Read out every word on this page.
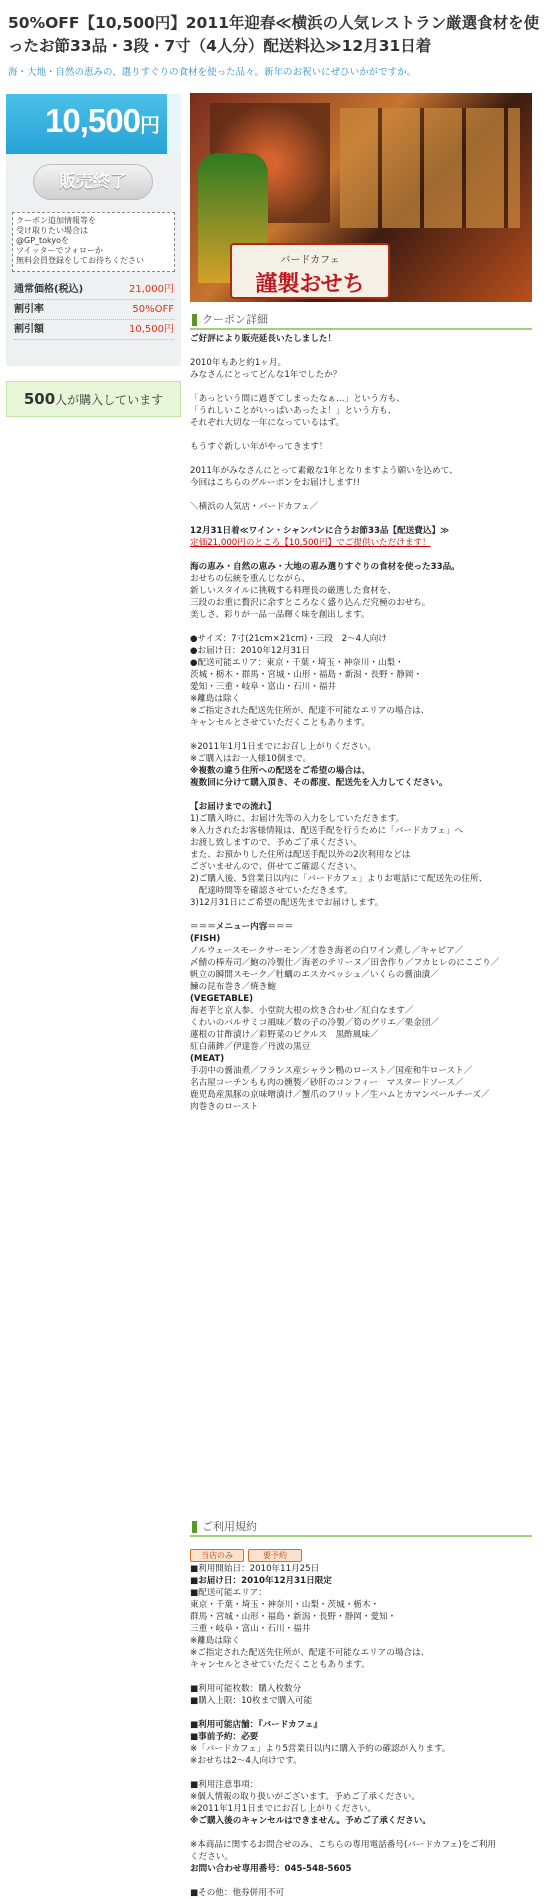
50%OFF【10,500円】2011年迎春≪横浜の人気レストラン厳選食材を使ったお節33品・3段・7寸（4人分）配送料込≫12月31日着
海・大地・自然の恵みの、選りすぐりの食材を使った品々。新年のお祝いにぜひいかがですか。
10,500円
販売終了
クーポン追加情報等を
受け取りたい場合は
@GP_tokyoを
ツイッターでフォローか
無料会員登録をしてお待ちください
通常価格(税込)	21,000円
割引率	50%OFF
割引額	10,500円
500人が購入しています
バードカフェ
謹製おせち
クーポン詳細
ご好評により販売延長いたしました！
2010年もあと約1ヶ月。
みなさんにとってどんな1年でしたか？
「あっという間に過ぎてしまったなぁ…」という方も、
「うれしいことがいっぱいあったよ！」という方も、
それぞれ大切な一年になっているはず。
もうすぐ新しい年がやってきます！
2011年がみなさんにとって素敵な1年となりますよう願いを込めて、
今回はこちらのグルーポンをお届けします!!
＼横浜の人気店・バードカフェ／
12月31日着≪ワイン・シャンパンに合うお節33品【配送費込】≫
定価21,000円のところ【10,500円】でご提供いただけます！
海の恵み・自然の恵み・大地の恵み選りすぐりの食材を使った33品。
おせちの伝統を重んじながら、
新しいスタイルに挑戦する料理長の厳選した食材を、
三段のお重に贅沢に余すところなく盛り込んだ究極のおせち。
美しさ、彩りが一品一品輝く味を創出します。
●サイズ：7寸(21cm×21cm)・三段　2〜4人向け
●お届け日：2010年12月31日
●配送可能エリア：東京・千葉・埼玉・神奈川・山梨・
茨城・栃木・群馬・宮城・山形・福島・新潟・長野・静岡・
愛知・三重・岐阜・富山・石川・福井
※離島は除く
※ご指定された配送先住所が、配達不可能なエリアの場合は、
キャンセルとさせていただくこともあります。
※2011年1月1日までにお召し上がりください。
※ご購入はお一人様10個まで。
※複数の違う住所への配送をご希望の場合は、
複数回に分けて購入頂き、その都度、配送先を入力してください。
【お届けまでの流れ】
1)ご購入時に、お届け先等の入力をしていただきます。
※入力されたお客様情報は、配送手配を行うために「バードカフェ」へ
お渡し致しますので、予めご了承ください。
また、お預かりした住所は配送手配以外の2次利用などは
ございませんので、併せてご確認ください。
2)ご購入後、5営業日以内に「バードカフェ」よりお電話にて配送先の住所、
　配達時間等を確認させていただきます。
3)12月31日にご希望の配送先までお届けします。
＝＝＝メニュー内容＝＝＝
(FISH)
ノルウェースモークサーモン／才巻き海老の白ワイン煮し／キャビア／
〆鯖の棒寿司／鮑の冷製仕／海老のテリーヌ／田舎作り／フカヒレのにこごり／
帆立の瞬間スモーク／牡蠣のエスカベッシュ／いくらの醤油漬／
鰊の昆布巻き／焼き鮑
(VEGETABLE)
海老芋と京人参、小堂院大根の炊き合わせ／紅白なます／
くわいのバルサミコ風味／数の子の冷製／筍のグリエ／栗金団／
蓮根の甘酢漬け／彩野菜のピクルス　黒酢風味／
紅白蒲鉾／伊達巻／丹波の黒豆
(MEAT)
手羽中の醤油煮／フランス産シャラン鴨のロースト／国産和牛ロースト／
名古屋コーチンもも肉の燻製／砂肝のコンフィー　マスタードソース／
鹿児島産黒豚の京味噌漬け／蟹爪のフリット／生ハムとカマンベールチーズ／
肉巻きのロースト
ご利用規約
当店のみ	要予約
■利用開始日：2010年11月25日
■お届け日：2010年12月31日限定
■配送可能エリア：
東京・千葉・埼玉・神奈川・山梨・茨城・栃木・
群馬・宮城・山形・福島・新潟・長野・静岡・愛知・
三重・岐阜・富山・石川・福井
※離島は除く
※ご指定された配送先住所が、配達不可能なエリアの場合は、
キャンセルとさせていただくこともあります。
■利用可能枚数：購入枚数分
■購入上限：10枚まで購入可能
■利用可能店舗：『バードカフェ』
■事前予約：必要
※「バードカフェ」より5営業日以内に購入予約の確認が入ります。
※おせちは2〜4人向けです。
■利用注意事項：
※個人情報の取り扱いがございます。予めご了承ください。
※2011年1月1日までにお召し上がりください。
※ご購入後のキャンセルはできません。予めご了承ください。
※本商品に関するお問合せのみ、こちらの専用電話番号(バードカフェ)をご利用
ください。
お問い合わせ専用番号：045-548-5605
■その他：他券併用不可
